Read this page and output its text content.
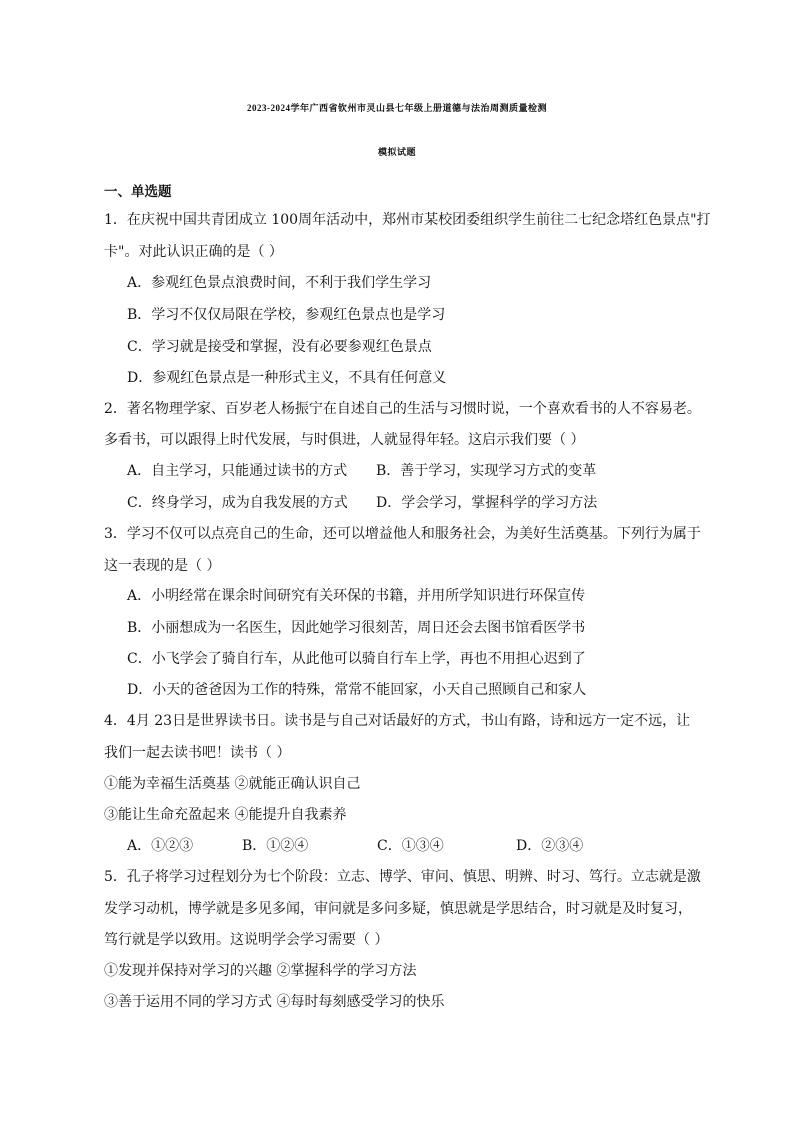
2023-2024学年广西省钦州市灵山县七年级上册道德与法治周测质量检测
模拟试题
一、单选题
1．在庆祝中国共青团成立 100周年活动中，郑州市某校团委组织学生前往二七纪念塔红色景点"打
卡"。对此认识正确的是（ ）
A．参观红色景点浪费时间，不利于我们学生学习
B．学习不仅仅局限在学校，参观红色景点也是学习
C．学习就是接受和掌握，没有必要参观红色景点
D．参观红色景点是一种形式主义，不具有任何意义
2．著名物理学家、百岁老人杨振宁在自述自己的生活与习惯时说，一个喜欢看书的人不容易老。
多看书，可以跟得上时代发展，与时俱进，人就显得年轻。这启示我们要（ ）
A．自主学习，只能通过读书的方式 B．善于学习，实现学习方式的变革
C．终身学习，成为自我发展的方式 D．学会学习，掌握科学的学习方法
3．学习不仅可以点亮自己的生命，还可以增益他人和服务社会，为美好生活奠基。下列行为属于
这一表现的是（ ）
A．小明经常在课余时间研究有关环保的书籍，并用所学知识进行环保宣传
B．小丽想成为一名医生，因此她学习很刻苦，周日还会去图书馆看医学书
C．小飞学会了骑自行车，从此他可以骑自行车上学，再也不用担心迟到了
D．小天的爸爸因为工作的特殊，常常不能回家，小天自己照顾自己和家人
4．4月 23日是世界读书日。读书是与自己对话最好的方式，书山有路，诗和远方一定不远，让
我们一起去读书吧！读书（ ）
①能为幸福生活奠基 ②就能正确认识自己
③能让生命充盈起来 ④能提升自我素养
A．①②③	B．①②④	C．①③④	D．②③④
5．孔子将学习过程划分为七个阶段：立志、博学、审问、慎思、明辨、时习、笃行。立志就是激
发学习动机，博学就是多见多闻，审问就是多问多疑，慎思就是学思结合，时习就是及时复习，
笃行就是学以致用。这说明学会学习需要（ ）
①发现并保持对学习的兴趣 ②掌握科学的学习方法
③善于运用不同的学习方式 ④每时每刻感受学习的快乐
